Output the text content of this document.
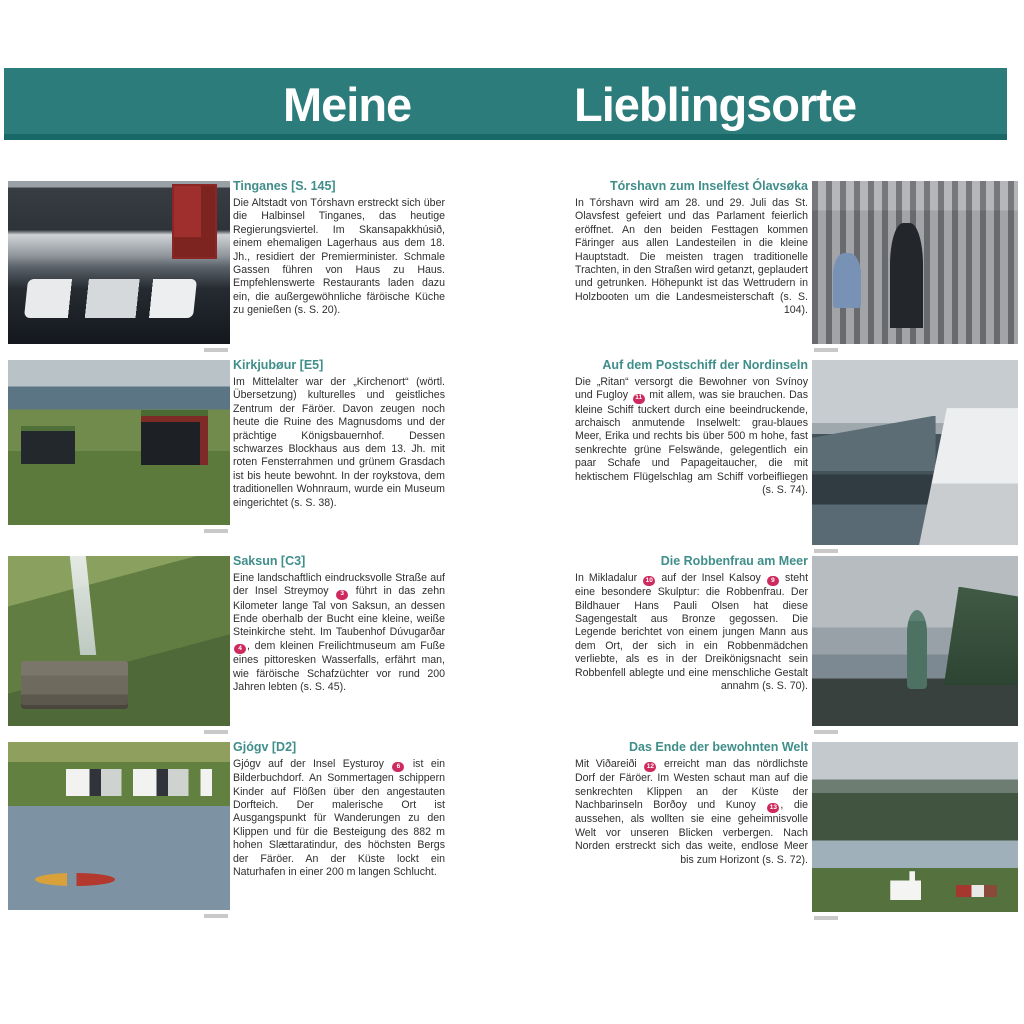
Meine	Lieblingsorte
Tinganes [S. 145]

Die Altstadt von Tórshavn erstreckt sich über die Halbinsel Tinganes, das heutige Regierungsviertel. Im Skansapakkhúsið, einem ehemaligen Lagerhaus aus dem 18. Jh., residiert der Premierminister. Schmale Gassen führen von Haus zu Haus. Empfehlenswerte Restaurants laden dazu ein, die außergewöhnliche färöische Küche zu genießen (s. S. 20).

Kirkjubøur [E5]

Im Mittelalter war der „Kirchenort“ (wörtl. Übersetzung) kulturelles und geistliches Zentrum der Färöer. Davon zeugen noch heute die Ruine des Magnusdoms und der prächtige Königsbauernhof. Dessen schwarzes Blockhaus aus dem 13. Jh. mit roten Fensterrahmen und grünem Grasdach ist bis heute bewohnt. In der roykstova, dem traditionellen Wohnraum, wurde ein Museum eingerichtet (s. S. 38).

Saksun [C3]

Eine landschaftlich eindrucksvolle Straße auf der Insel Streymoy 3 führt in das zehn Kilometer lange Tal von Saksun, an dessen Ende oberhalb der Bucht eine kleine, weiße Steinkirche steht. Im Taubenhof Dúvugarðar 4 , dem kleinen Freilichtmuseum am Fuße eines pittoresken Wasserfalls, erfährt man, wie färöische Schafzüchter vor rund 200 Jahren lebten (s. S. 45).

Gjógv [D2]

Gjógv auf der Insel Eysturoy 6 ist ein Bilderbuchdorf. An Sommertagen schippern Kinder auf Flößen über den angestauten Dorfteich. Der malerische Ort ist Ausgangspunkt für Wanderungen zu den Klippen und für die Besteigung des 882 m hohen Slættaratindur, des höchsten Bergs der Färöer. An der Küste lockt ein Naturhafen in einer 200 m langen Schlucht.

Tórshavn zum Inselfest Ólavsøka

In Tórshavn wird am 28. und 29. Juli das St. Olavsfest gefeiert und das Parlament feierlich eröffnet. An den beiden Festtagen kommen Färinger aus allen Landesteilen in die kleine Hauptstadt. Die meisten tragen traditionelle Trachten, in den Straßen wird getanzt, geplaudert und getrunken. Höhepunkt ist das Wettrudern in Holzbooten um die Landesmeisterschaft (s. S. 104).

Auf dem Postschiff der Nordinseln

Die „Ritan“ versorgt die Bewohner von Svínoy und Fugloy 11 mit allem, was sie brauchen. Das kleine Schiff tuckert durch eine beeindruckende, archaisch anmutende Inselwelt: grau-blaues Meer, Erika und rechts bis über 500 m hohe, fast senkrechte grüne Felswände, gelegentlich ein paar Schafe und Papageitaucher, die mit hektischem Flügelschlag am Schiff vorbeifliegen (s. S. 74).

Die Robbenfrau am Meer

In Mikladalur 10 auf der Insel Kalsoy 9 steht eine besondere Skulptur: die Robbenfrau. Der Bildhauer Hans Pauli Olsen hat diese Sagengestalt aus Bronze gegossen. Die Legende berichtet von einem jungen Mann aus dem Ort, der sich in ein Robbenmädchen verliebte, als es in der Dreikönigsnacht sein Robbenfell ablegte und eine menschliche Gestalt annahm (s. S. 70).

Das Ende der bewohnten Welt

Mit Viðareiði 12 erreicht man das nördlichste Dorf der Färöer. Im Westen schaut man auf die senkrechten Klippen an der Küste der Nachbarinseln Borðoy und Kunoy 13 , die aussehen, als wollten sie eine geheimnisvolle Welt vor unseren Blicken verbergen. Nach Norden erstreckt sich das weite, endlose Meer bis zum Horizont (s. S. 72).
